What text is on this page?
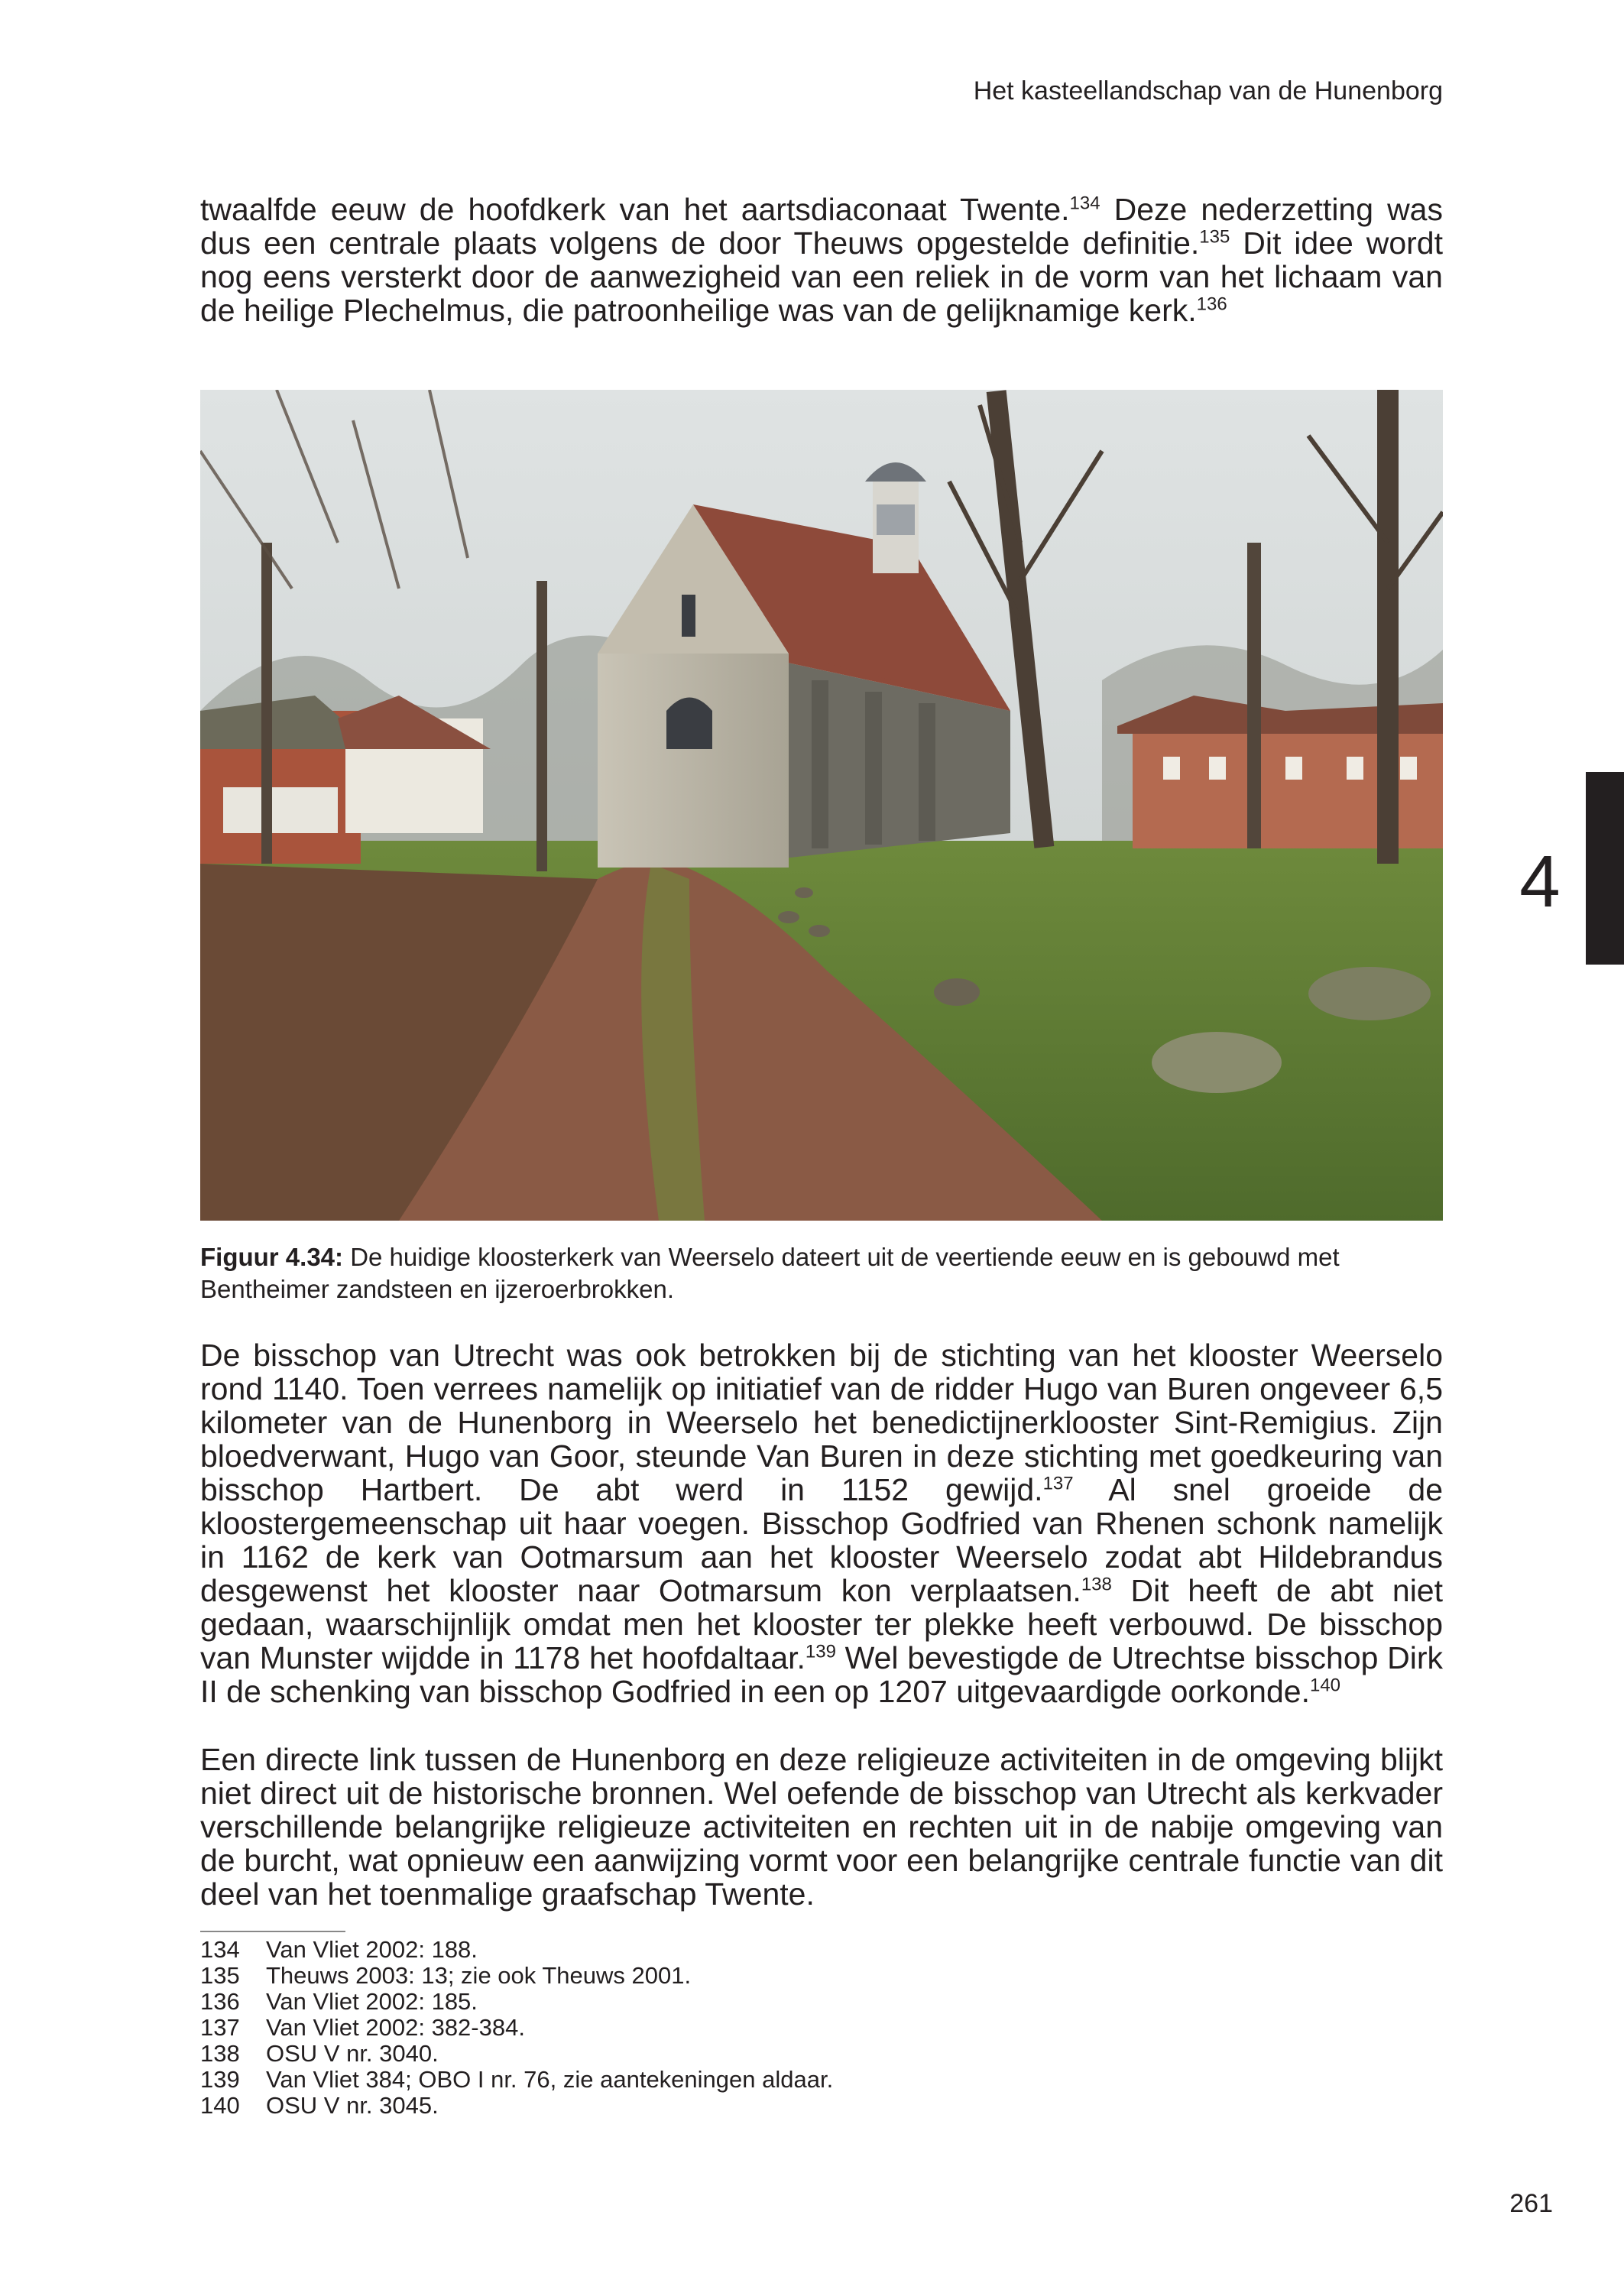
Het kasteellandschap van de Hunenborg

twaalfde eeuw de hoofdkerk van het aartsdiaconaat Twente.$^{134}$ Deze nederzetting was dus een centrale plaats volgens de door Theuws opgestelde definitie.$^{135}$ Dit idee wordt nog eens versterkt door de aanwezigheid van een reliek in de vorm van het lichaam van de heilige Plechelmus, die patroonheilige was van de gelijknamige kerk.$^{136}$

Figuur 4.34: De huidige kloosterkerk van Weerselo dateert uit de veertiende eeuw en is gebouwd met Bentheimer zandsteen en ijzeroerbrokken.

De bisschop van Utrecht was ook betrokken bij de stichting van het klooster Weerselo rond 1140. Toen verrees namelijk op initiatief van de ridder Hugo van Buren ongeveer 6,5 kilometer van de Hunenborg in Weerselo het benedictijnerklooster Sint-Remigius. Zijn bloedverwant, Hugo van Goor, steunde Van Buren in deze stichting met goedkeuring van bisschop Hartbert. De abt werd in 1152 gewijd.$^{137}$ Al snel groeide de kloostergemeenschap uit haar voegen. Bisschop Godfried van Rhenen schonk namelijk in 1162 de kerk van Ootmarsum aan het klooster Weerselo zodat abt Hildebrandus desgewenst het klooster naar Ootmarsum kon verplaatsen.$^{138}$ Dit heeft de abt niet gedaan, waarschijnlijk omdat men het klooster ter plekke heeft verbouwd. De bisschop van Munster wijdde in 1178 het hoofdaltaar.$^{139}$ Wel bevestigde de Utrechtse bisschop Dirk II de schenking van bisschop Godfried in een op 1207 uitgevaardigde oorkonde.$^{140}$

Een directe link tussen de Hunenborg en deze religieuze activiteiten in de omgeving blijkt niet direct uit de historische bronnen. Wel oefende de bisschop van Utrecht als kerkvader verschillende belangrijke religieuze activiteiten en rechten uit in de nabije omgeving van de burcht, wat opnieuw een aanwijzing vormt voor een belangrijke centrale functie van dit deel van het toenmalige graafschap Twente.

134	Van Vliet 2002: 188.
135	Theuws 2003: 13; zie ook Theuws 2001.
136	Van Vliet 2002: 185.
137	Van Vliet 2002: 382-384.
138	OSU V nr. 3040.
139	Van Vliet 384; OBO I nr. 76, zie aantekeningen aldaar.
140	OSU V nr. 3045.
4
261
